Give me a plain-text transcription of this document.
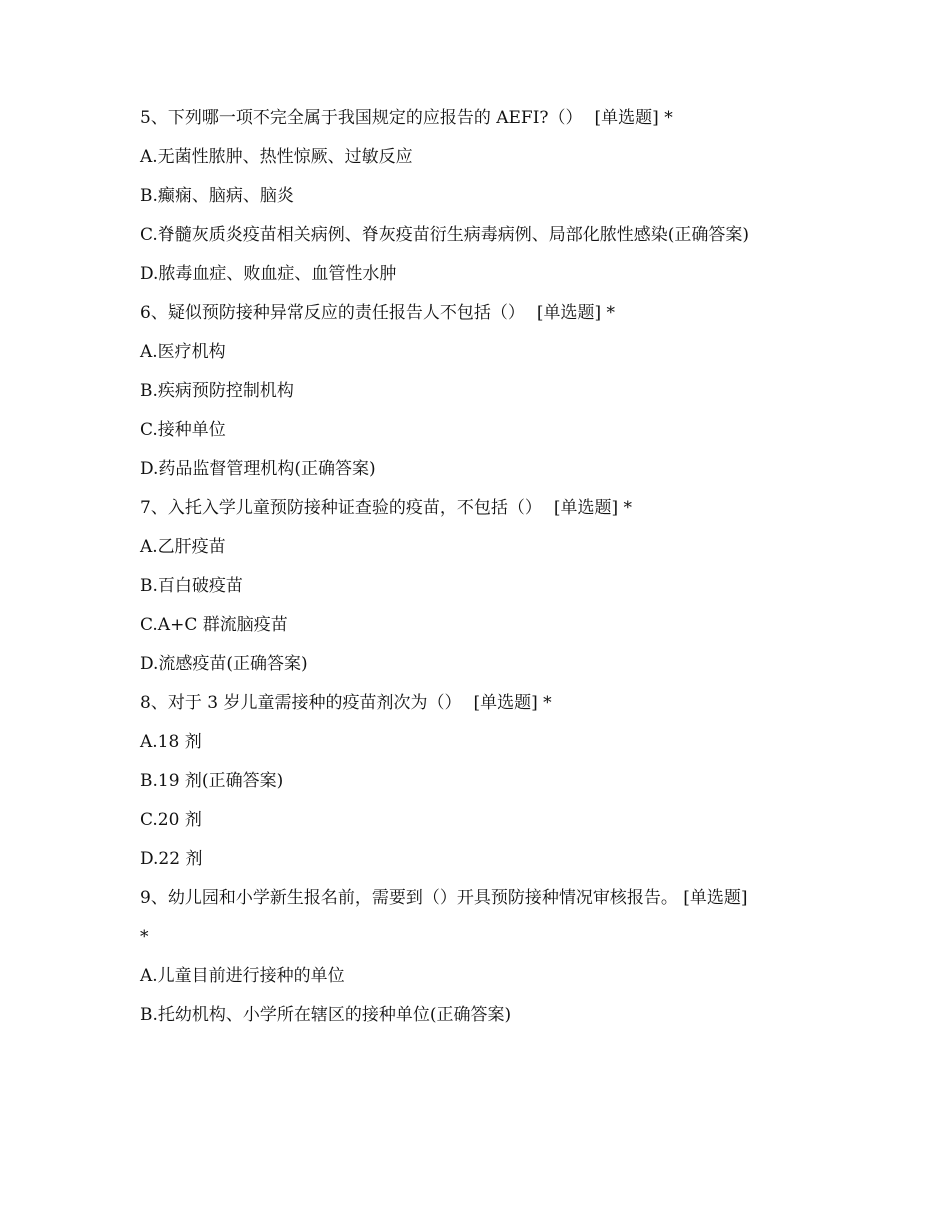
5、下列哪一项不完全属于我国规定的应报告的 AEFI?（） [单选题] *
A.无菌性脓肿、热性惊厥、过敏反应
B.癫痫、脑病、脑炎
C.脊髓灰质炎疫苗相关病例、脊灰疫苗衍生病毒病例、局部化脓性感染(正确答案)
D.脓毒血症、败血症、血管性水肿
6、疑似预防接种异常反应的责任报告人不包括（） [单选题] *
A.医疗机构
B.疾病预防控制机构
C.接种单位
D.药品监督管理机构(正确答案)
7、入托入学儿童预防接种证查验的疫苗，不包括（） [单选题] *
A.乙肝疫苗
B.百白破疫苗
C.A+C 群流脑疫苗
D.流感疫苗(正确答案)
8、对于 3 岁儿童需接种的疫苗剂次为（） [单选题] *
A.18 剂
B.19 剂(正确答案)
C.20 剂
D.22 剂
9、幼儿园和小学新生报名前，需要到（）开具预防接种情况审核报告。 [单选题]
*
A.儿童目前进行接种的单位
B.托幼机构、小学所在辖区的接种单位(正确答案)
